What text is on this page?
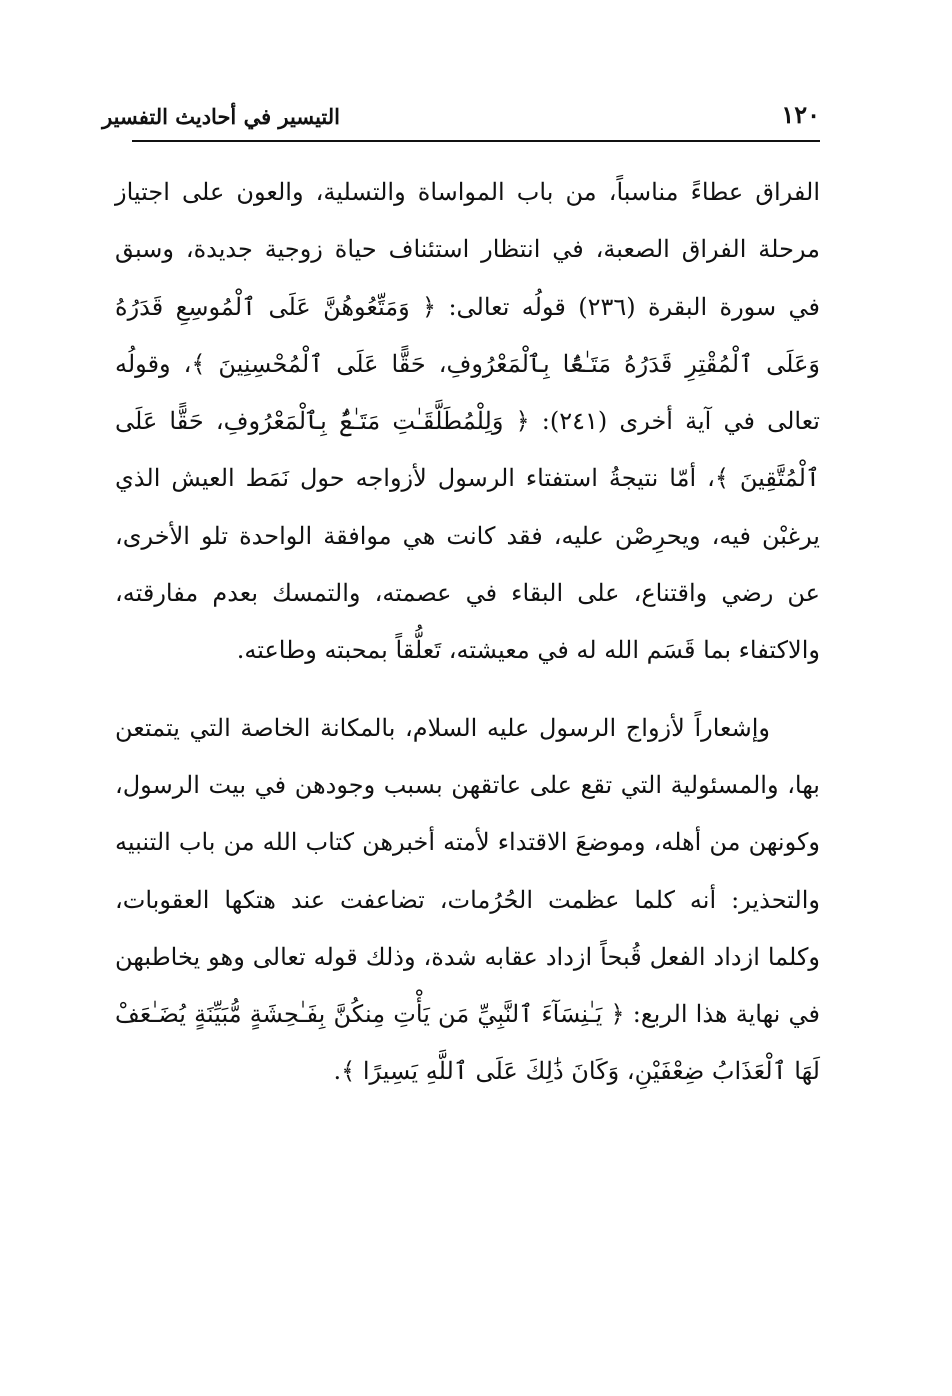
١٢٠
التيسير في أحاديث التفسير

الفراق عطاءً مناسباً، من باب المواساة والتسلية، والعون على اجتياز مرحلة الفراق الصعبة، في انتظار استئناف حياة زوجية جديدة، وسبق في سورة البقرة (٢٣٦) قولُه تعالى: ﴿ وَمَتِّعُوهُنَّ عَلَى ٱلْمُوسِعِ قَدَرُهُ وَعَلَى ٱلْمُقْتِرِ قَدَرُهُ مَتَـٰعًۢا بِٱلْمَعْرُوفِ، حَقًّا عَلَى ٱلْمُحْسِنِينَ ﴾، وقولُه تعالى في آية أخرى (٢٤١): ﴿ وَلِلْمُطَلَّقَـٰتِ مَتَـٰعٌۢ بِٱلْمَعْرُوفِ، حَقًّا عَلَى ٱلْمُتَّقِينَ ﴾، أمّا نتيجةُ استفتاء الرسول لأزواجه حول نَمَط العيش الذي يرغبْن فيه، ويحرِصْن عليه، فقد كانت هي موافقة الواحدة تلو الأخرى، عن رضي واقتناع، على البقاء في عصمته، والتمسك بعدم مفارقته، والاكتفاء بما قَسَم الله له في معيشته، تَعلُّقاً بمحبته وطاعته.

وإشعاراً لأزواج الرسول عليه السلام، بالمكانة الخاصة التي يتمتعن بها، والمسئولية التي تقع على عاتقهن بسبب وجودهن في بيت الرسول، وكونهن من أهله، وموضعَ الاقتداء لأمته أخبرهن كتاب الله من باب التنبيه والتحذير: أنه كلما عظمت الحُرُمات، تضاعفت عند هتكها العقوبات، وكلما ازداد الفعل قُبحاً ازداد عقابه شدة، وذلك قوله تعالى وهو يخاطبهن في نهاية هذا الربع: ﴿ يَـٰنِسَآءَ ٱلنَّبِيِّ مَن يَأْتِ مِنكُنَّ بِفَـٰحِشَةٍ مُّبَيِّنَةٍ يُضَـٰعَفْ لَهَا ٱلْعَذَابُ ضِعْفَيْنِ، وَكَانَ ذَٰلِكَ عَلَى ٱللَّهِ يَسِيرًا ﴾.
